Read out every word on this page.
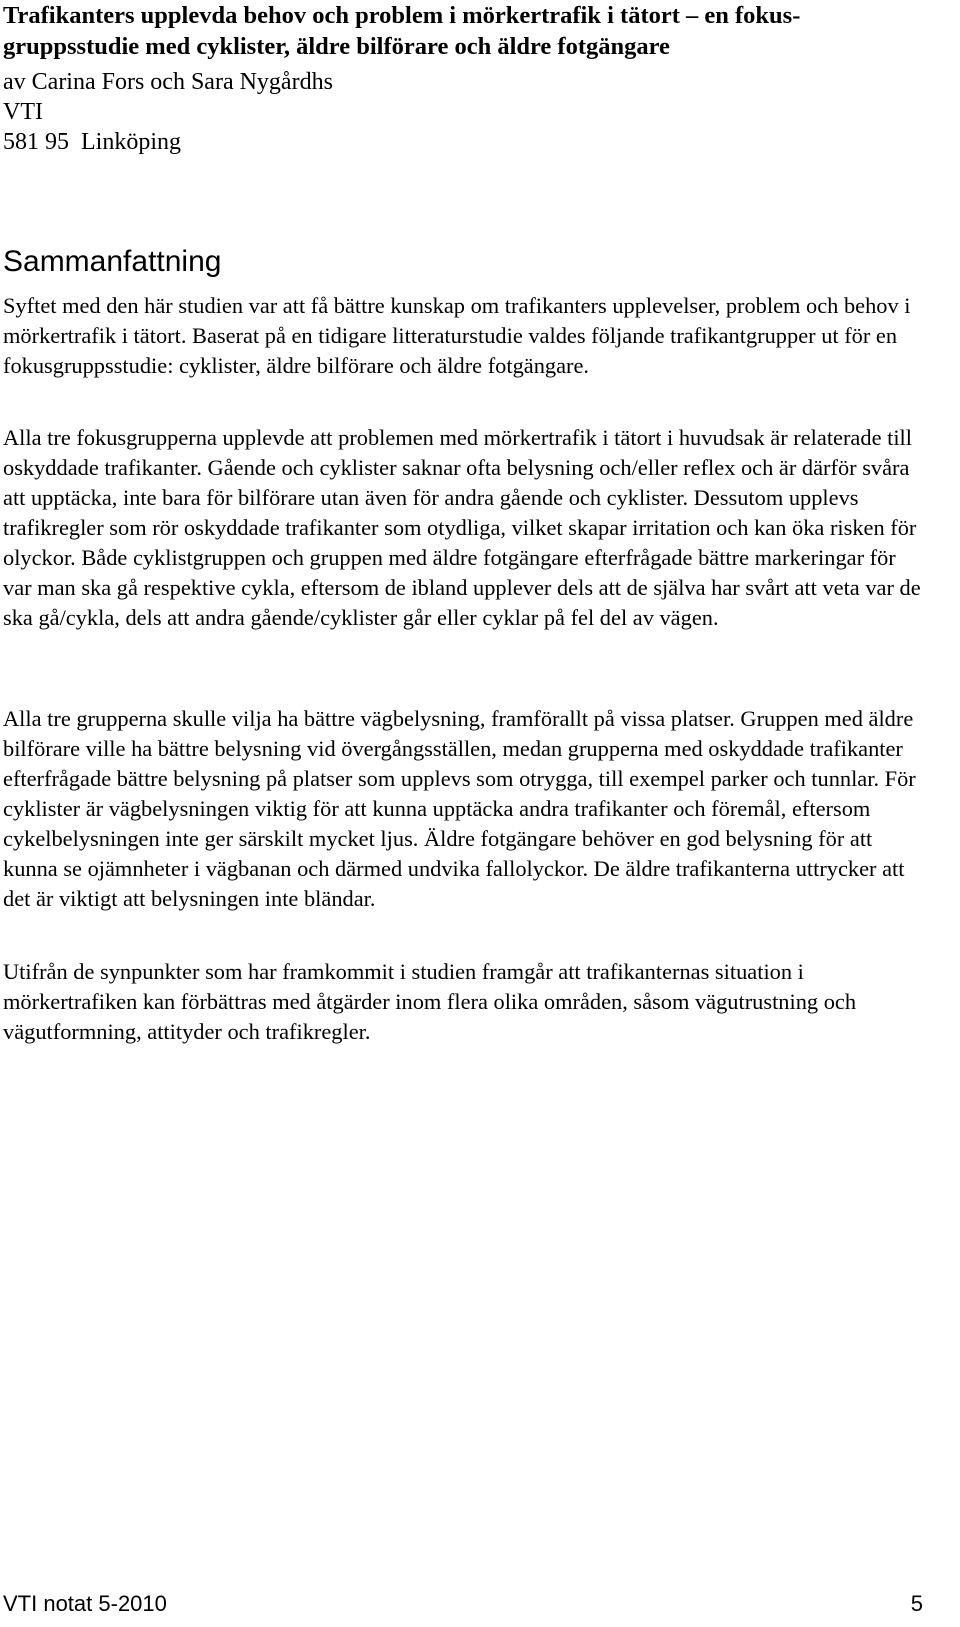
Trafikanters upplevda behov och problem i mörkertrafik i tätort – en fokusgruppsstudie med cyklister, äldre bilförare och äldre fotgängare
av Carina Fors och Sara Nygårdhs
VTI
581 95  Linköping
Sammanfattning

Syftet med den här studien var att få bättre kunskap om trafikanters upplevelser, problem och behov i mörkertrafik i tätort. Baserat på en tidigare litteraturstudie valdes följande trafikantgrupper ut för en fokusgruppsstudie: cyklister, äldre bilförare och äldre fotgängare.

Alla tre fokusgrupperna upplevde att problemen med mörkertrafik i tätort i huvudsak är relaterade till oskyddade trafikanter. Gående och cyklister saknar ofta belysning och/eller reflex och är därför svåra att upptäcka, inte bara för bilförare utan även för andra gående och cyklister. Dessutom upplevs trafikregler som rör oskyddade trafikanter som otydliga, vilket skapar irritation och kan öka risken för olyckor. Både cyklistgruppen och gruppen med äldre fotgängare efterfrågade bättre markeringar för var man ska gå respektive cykla, eftersom de ibland upplever dels att de själva har svårt att veta var de ska gå/cykla, dels att andra gående/cyklister går eller cyklar på fel del av vägen.

Alla tre grupperna skulle vilja ha bättre vägbelysning, framförallt på vissa platser. Gruppen med äldre bilförare ville ha bättre belysning vid övergångsställen, medan grupperna med oskyddade trafikanter efterfrågade bättre belysning på platser som upplevs som otrygga, till exempel parker och tunnlar. För cyklister är vägbelysningen viktig för att kunna upptäcka andra trafikanter och föremål, eftersom cykelbelysningen inte ger särskilt mycket ljus. Äldre fotgängare behöver en god belysning för att kunna se ojämnheter i vägbanan och därmed undvika fallolyckor. De äldre trafikanterna uttrycker att det är viktigt att belysningen inte bländar.

Utifrån de synpunkter som har framkommit i studien framgår att trafikanternas situation i mörkertrafiken kan förbättras med åtgärder inom flera olika områden, såsom vägutrustning och vägutformning, attityder och trafikregler.

VTI notat 5-2010	5
